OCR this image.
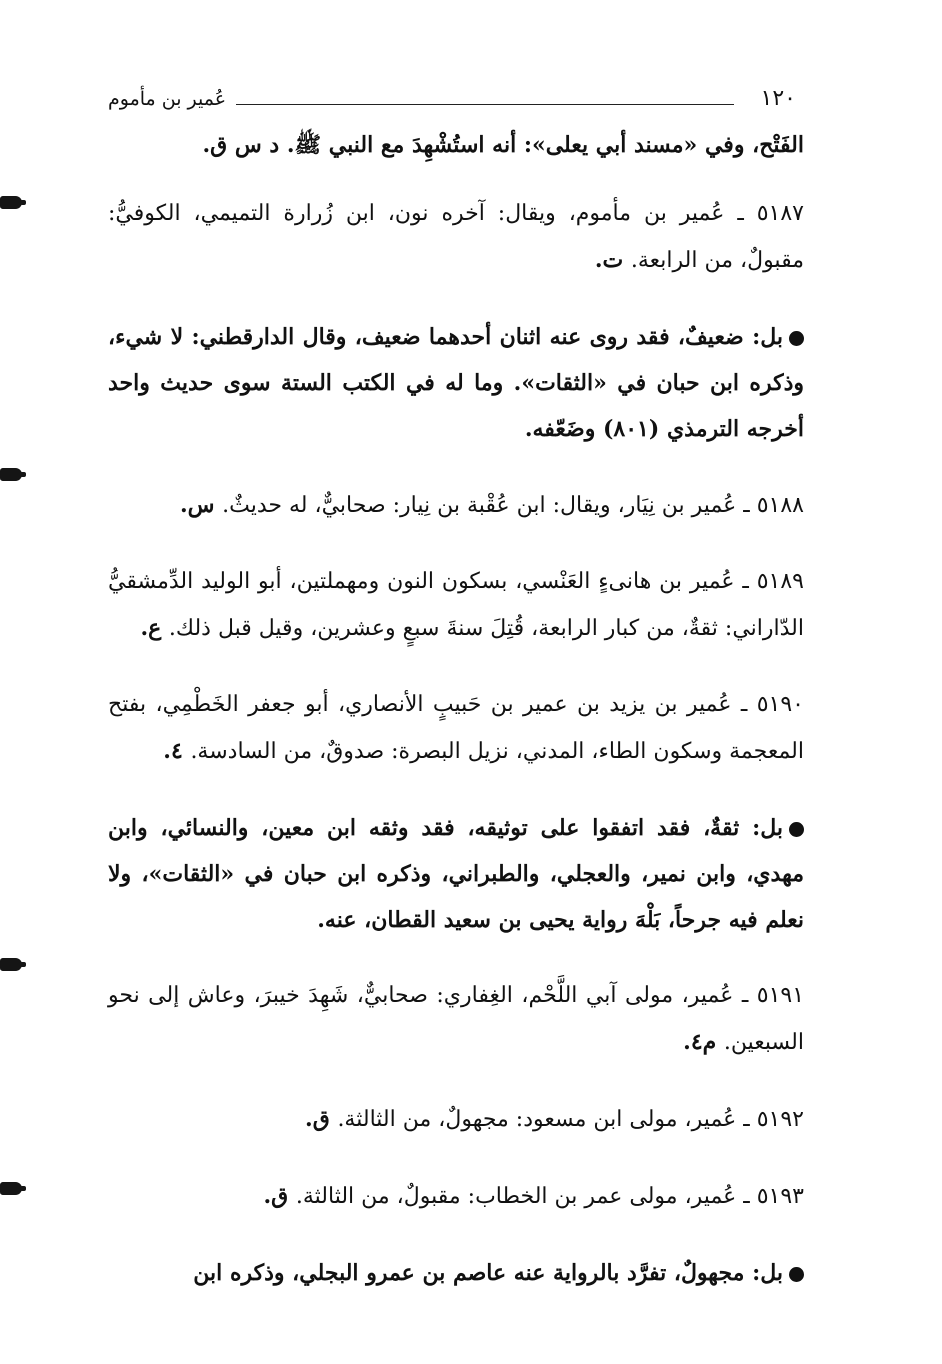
١٢٠
عُمير بن مأموم

الفَتْح، وفي «مسند أبي يعلى»: أنه استُشْهِدَ مع النبي ﷺ. د س ق.

٥١٨٧ ـ عُمير بن مأموم، ويقال: آخره نون، ابن زُرارة التميمي، الكوفيُّ: مقبولٌ، من الرابعة. ت.

بل: ضعيفٌ، فقد روى عنه اثنان أحدهما ضعيف، وقال الدارقطني: لا شيء، وذكره ابن حبان في «الثقات». وما له في الكتب الستة سوى حديث واحد أخرجه الترمذي (٨٠١) وضَعّفه.

٥١٨٨ ـ عُمير بن نِيَار، ويقال: ابن عُقْبة بن نِيار: صحابيٌّ، له حديثٌ. س.

٥١٨٩ ـ عُمير بن هانىءٍ العَنْسي، بسكون النون ومهملتين، أبو الوليد الدِّمشقيُّ الدّاراني: ثقةٌ، من كبار الرابعة، قُتِلَ سنةَ سبعٍ وعشرين، وقيل قبل ذلك. ع.

٥١٩٠ ـ عُمير بن يزيد بن عمير بن حَبيبٍ الأنصاري، أبو جعفر الخَطْمِي، بفتح المعجمة وسكون الطاء، المدني، نزيل البصرة: صدوقٌ، من السادسة. ٤.

بل: ثقةٌ، فقد اتفقوا على توثيقه، فقد وثقه ابن معين، والنسائي، وابن مهدي، وابن نمير، والعجلي، والطبراني، وذكره ابن حبان في «الثقات»، ولا نعلم فيه جرحاً، بَلْهَ رواية يحيى بن سعيد القطان، عنه.

٥١٩١ ـ عُمير، مولى آبي اللَّحْم، الغِفاري: صحابيٌّ، شَهِدَ خيبرَ، وعاش إلى نحو السبعين. م٤.

٥١٩٢ ـ عُمير، مولى ابن مسعود: مجهولٌ، من الثالثة. ق.

٥١٩٣ ـ عُمير، مولى عمر بن الخطاب: مقبولٌ، من الثالثة. ق.

بل: مجهولٌ، تفرَّد بالرواية عنه عاصم بن عمرو البجلي، وذكره ابن
